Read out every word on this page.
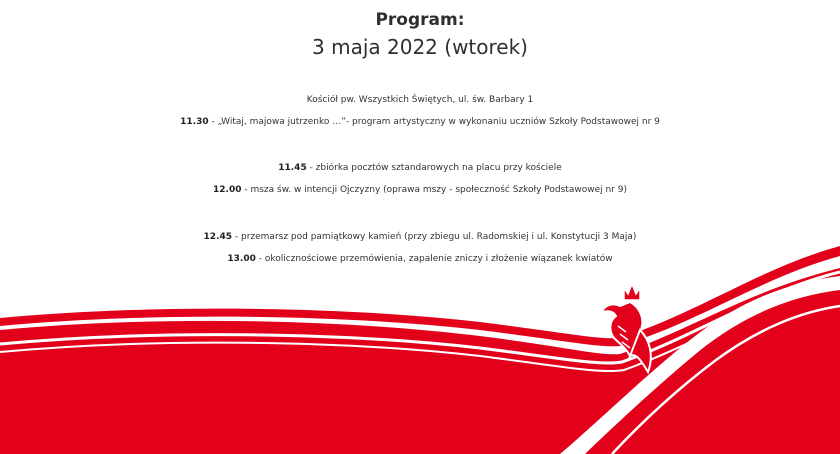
Program:
3 maja 2022 (wtorek)
Kościół pw. Wszystkich Świętych, ul. św. Barbary 1
11.30 - „Witaj, majowa jutrzenko …”- program artystyczny w wykonaniu uczniów Szkoły Podstawowej nr 9
11.45 - zbiórka pocztów sztandarowych na placu przy kościele
12.00 - msza św. w intencji Ojczyzny (oprawa mszy - społeczność Szkoły Podstawowej nr 9)
12.45 - przemarsz pod pamiątkowy kamień (przy zbiegu ul. Radomskiej i ul. Konstytucji 3 Maja)
13.00 - okolicznościowe przemówienia, zapalenie zniczy i złożenie wiązanek kwiatów
